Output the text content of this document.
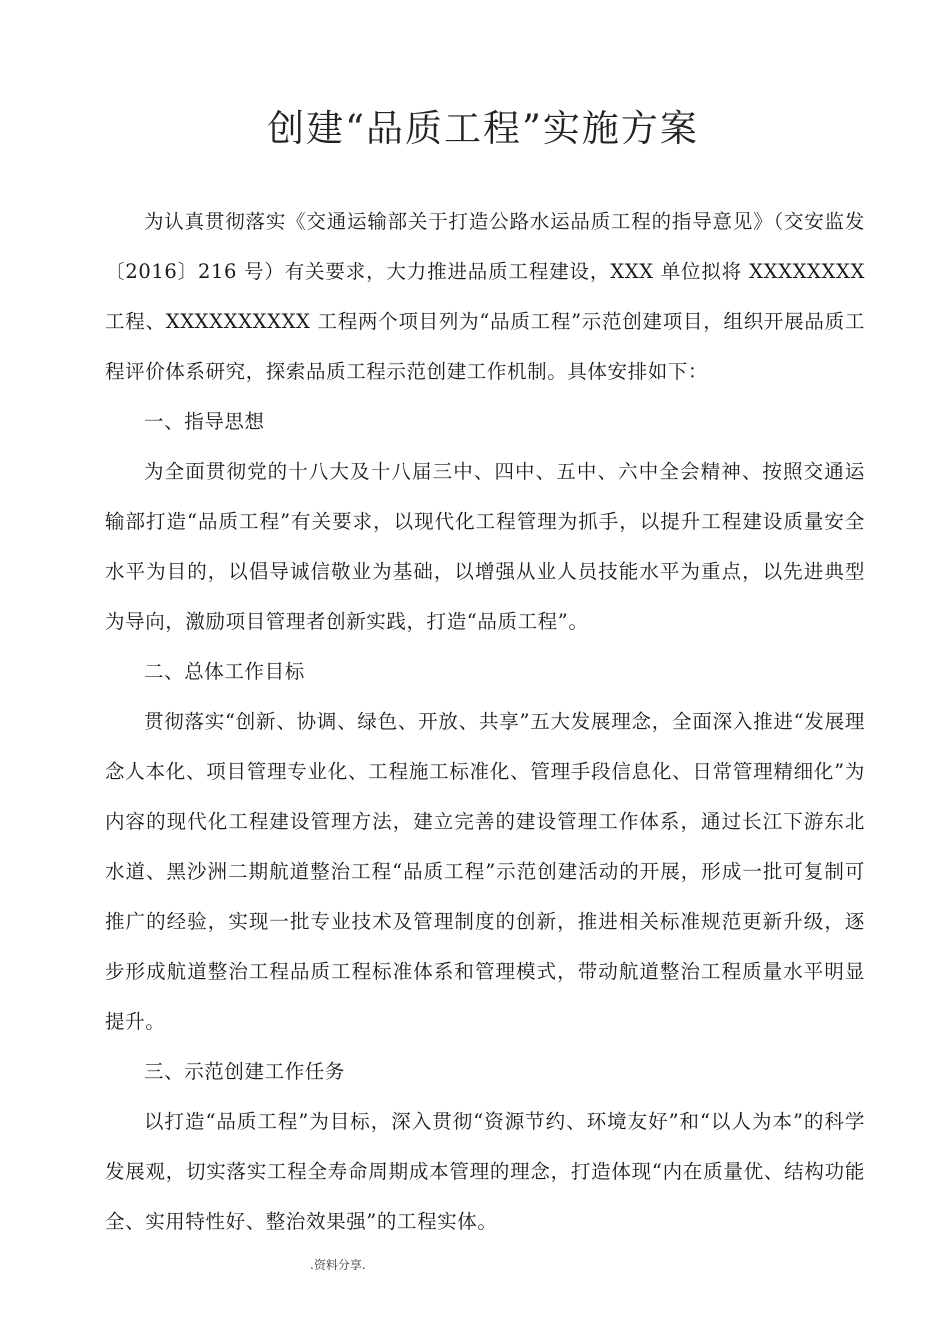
创建“品质工程”实施方案

为认真贯彻落实《交通运输部关于打造公路水运品质工程的指导意见》（交安监发〔2016〕216 号）有关要求，大力推进品质工程建设，XXX 单位拟将 XXXXXXXX 工程、XXXXXXXXXX 工程两个项目列为“品质工程”示范创建项目，组织开展品质工程评价体系研究，探索品质工程示范创建工作机制。具体安排如下：

一、指导思想

为全面贯彻党的十八大及十八届三中、四中、五中、六中全会精神、按照交通运输部打造“品质工程”有关要求，以现代化工程管理为抓手，以提升工程建设质量安全水平为目的，以倡导诚信敬业为基础，以增强从业人员技能水平为重点，以先进典型为导向，激励项目管理者创新实践，打造“品质工程”。

二、总体工作目标

贯彻落实“创新、协调、绿色、开放、共享”五大发展理念，全面深入推进“发展理念人本化、项目管理专业化、工程施工标准化、管理手段信息化、日常管理精细化”为内容的现代化工程建设管理方法，建立完善的建设管理工作体系，通过长江下游东北水道、黑沙洲二期航道整治工程“品质工程”示范创建活动的开展，形成一批可复制可推广的经验，实现一批专业技术及管理制度的创新，推进相关标准规范更新升级，逐步形成航道整治工程品质工程标准体系和管理模式，带动航道整治工程质量水平明显提升。

三、示范创建工作任务

以打造“品质工程”为目标，深入贯彻“资源节约、环境友好”和“以人为本”的科学发展观，切实落实工程全寿命周期成本管理的理念，打造体现“内在质量优、结构功能全、实用特性好、整治效果强”的工程实体。

.资料分享.
